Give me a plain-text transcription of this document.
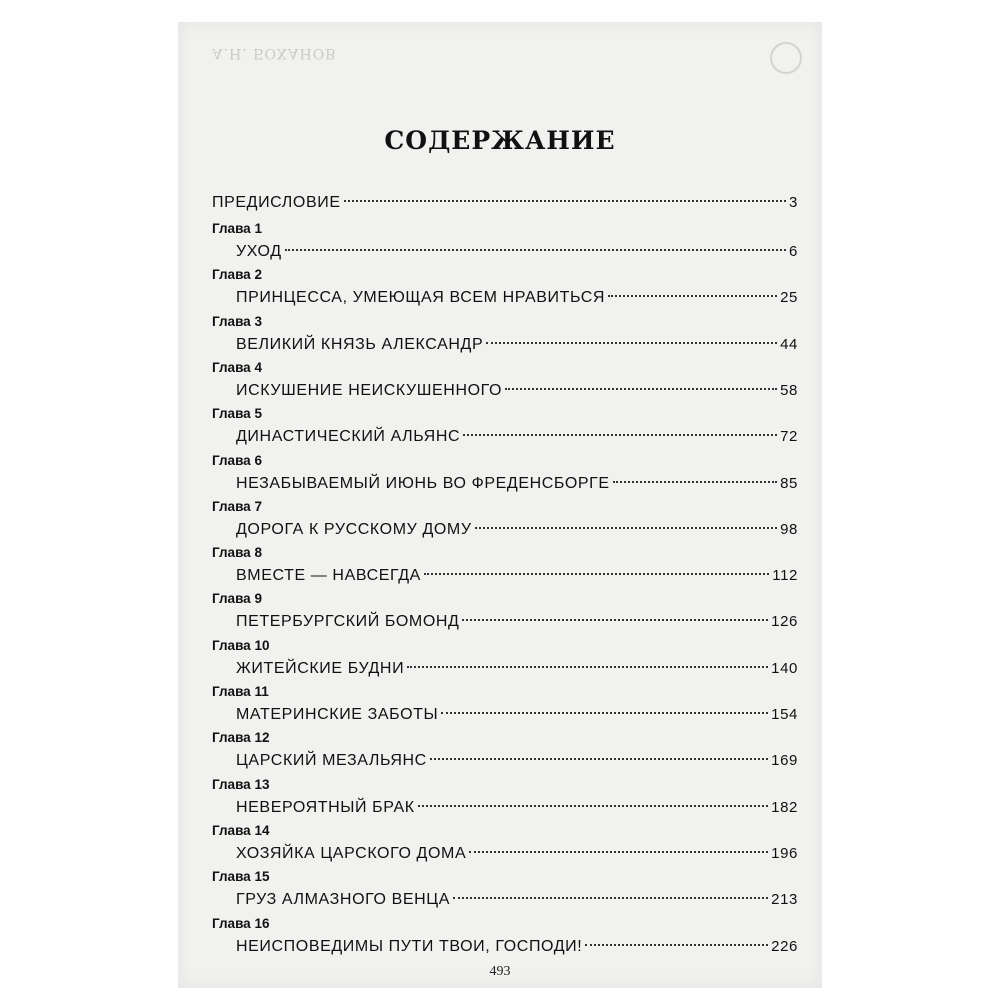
А.Н. БОХАНОВ
СОДЕРЖАНИЕ
ПРЕДИСЛОВИЕ	3
Глава 1
УХОД	6
Глава 2
ПРИНЦЕССА, УМЕЮЩАЯ ВСЕМ НРАВИТЬСЯ	25
Глава 3
ВЕЛИКИЙ КНЯЗЬ АЛЕКСАНДР	44
Глава 4
ИСКУШЕНИЕ НЕИСКУШЕННОГО	58
Глава 5
ДИНАСТИЧЕСКИЙ АЛЬЯНС	72
Глава 6
НЕЗАБЫВАЕМЫЙ ИЮНЬ ВО ФРЕДЕНСБОРГЕ	85
Глава 7
ДОРОГА К РУССКОМУ ДОМУ	98
Глава 8
ВМЕСТЕ — НАВСЕГДА	112
Глава 9
ПЕТЕРБУРГСКИЙ БОМОНД	126
Глава 10
ЖИТЕЙСКИЕ БУДНИ	140
Глава 11
МАТЕРИНСКИЕ ЗАБОТЫ	154
Глава 12
ЦАРСКИЙ МЕЗАЛЬЯНС	169
Глава 13
НЕВЕРОЯТНЫЙ БРАК	182
Глава 14
ХОЗЯЙКА ЦАРСКОГО ДОМА	196
Глава 15
ГРУЗ АЛМАЗНОГО ВЕНЦА	213
Глава 16
НЕИСПОВЕДИМЫ ПУТИ ТВОИ, ГОСПОДИ!	226
493
